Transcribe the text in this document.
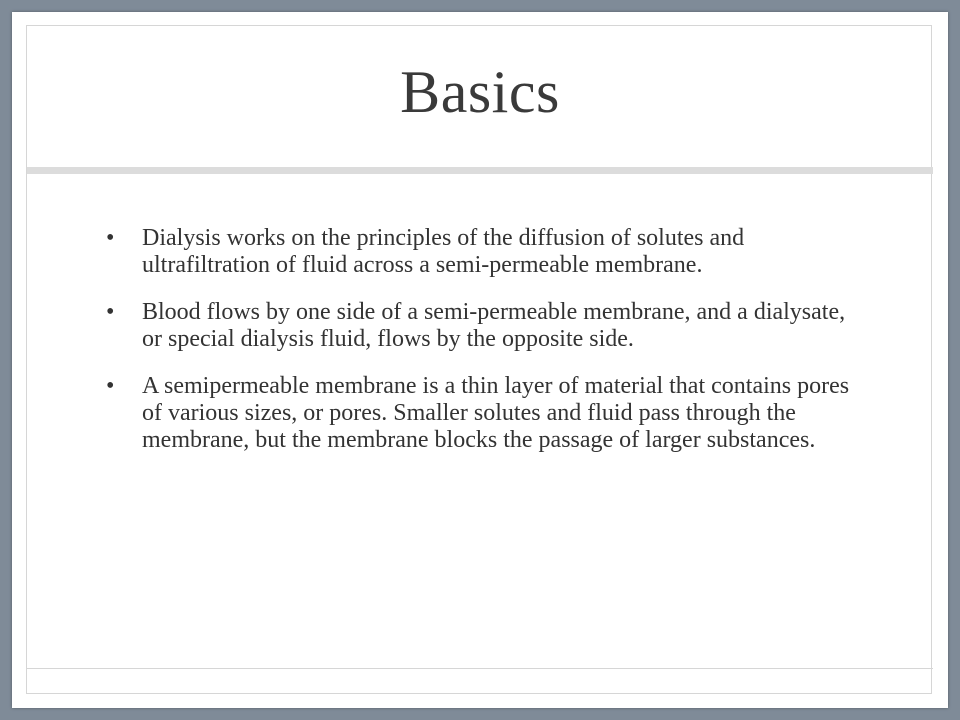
Basics
• Dialysis works on the principles of the diffusion of solutes and ultrafiltration of fluid across a semi-permeable membrane.
• Blood flows by one side of a semi-permeable membrane, and a dialysate, or special dialysis fluid, flows by the opposite side.
• A semipermeable membrane is a thin layer of material that contains pores of various sizes, or pores. Smaller solutes and fluid pass through the membrane, but the membrane blocks the passage of larger substances.
